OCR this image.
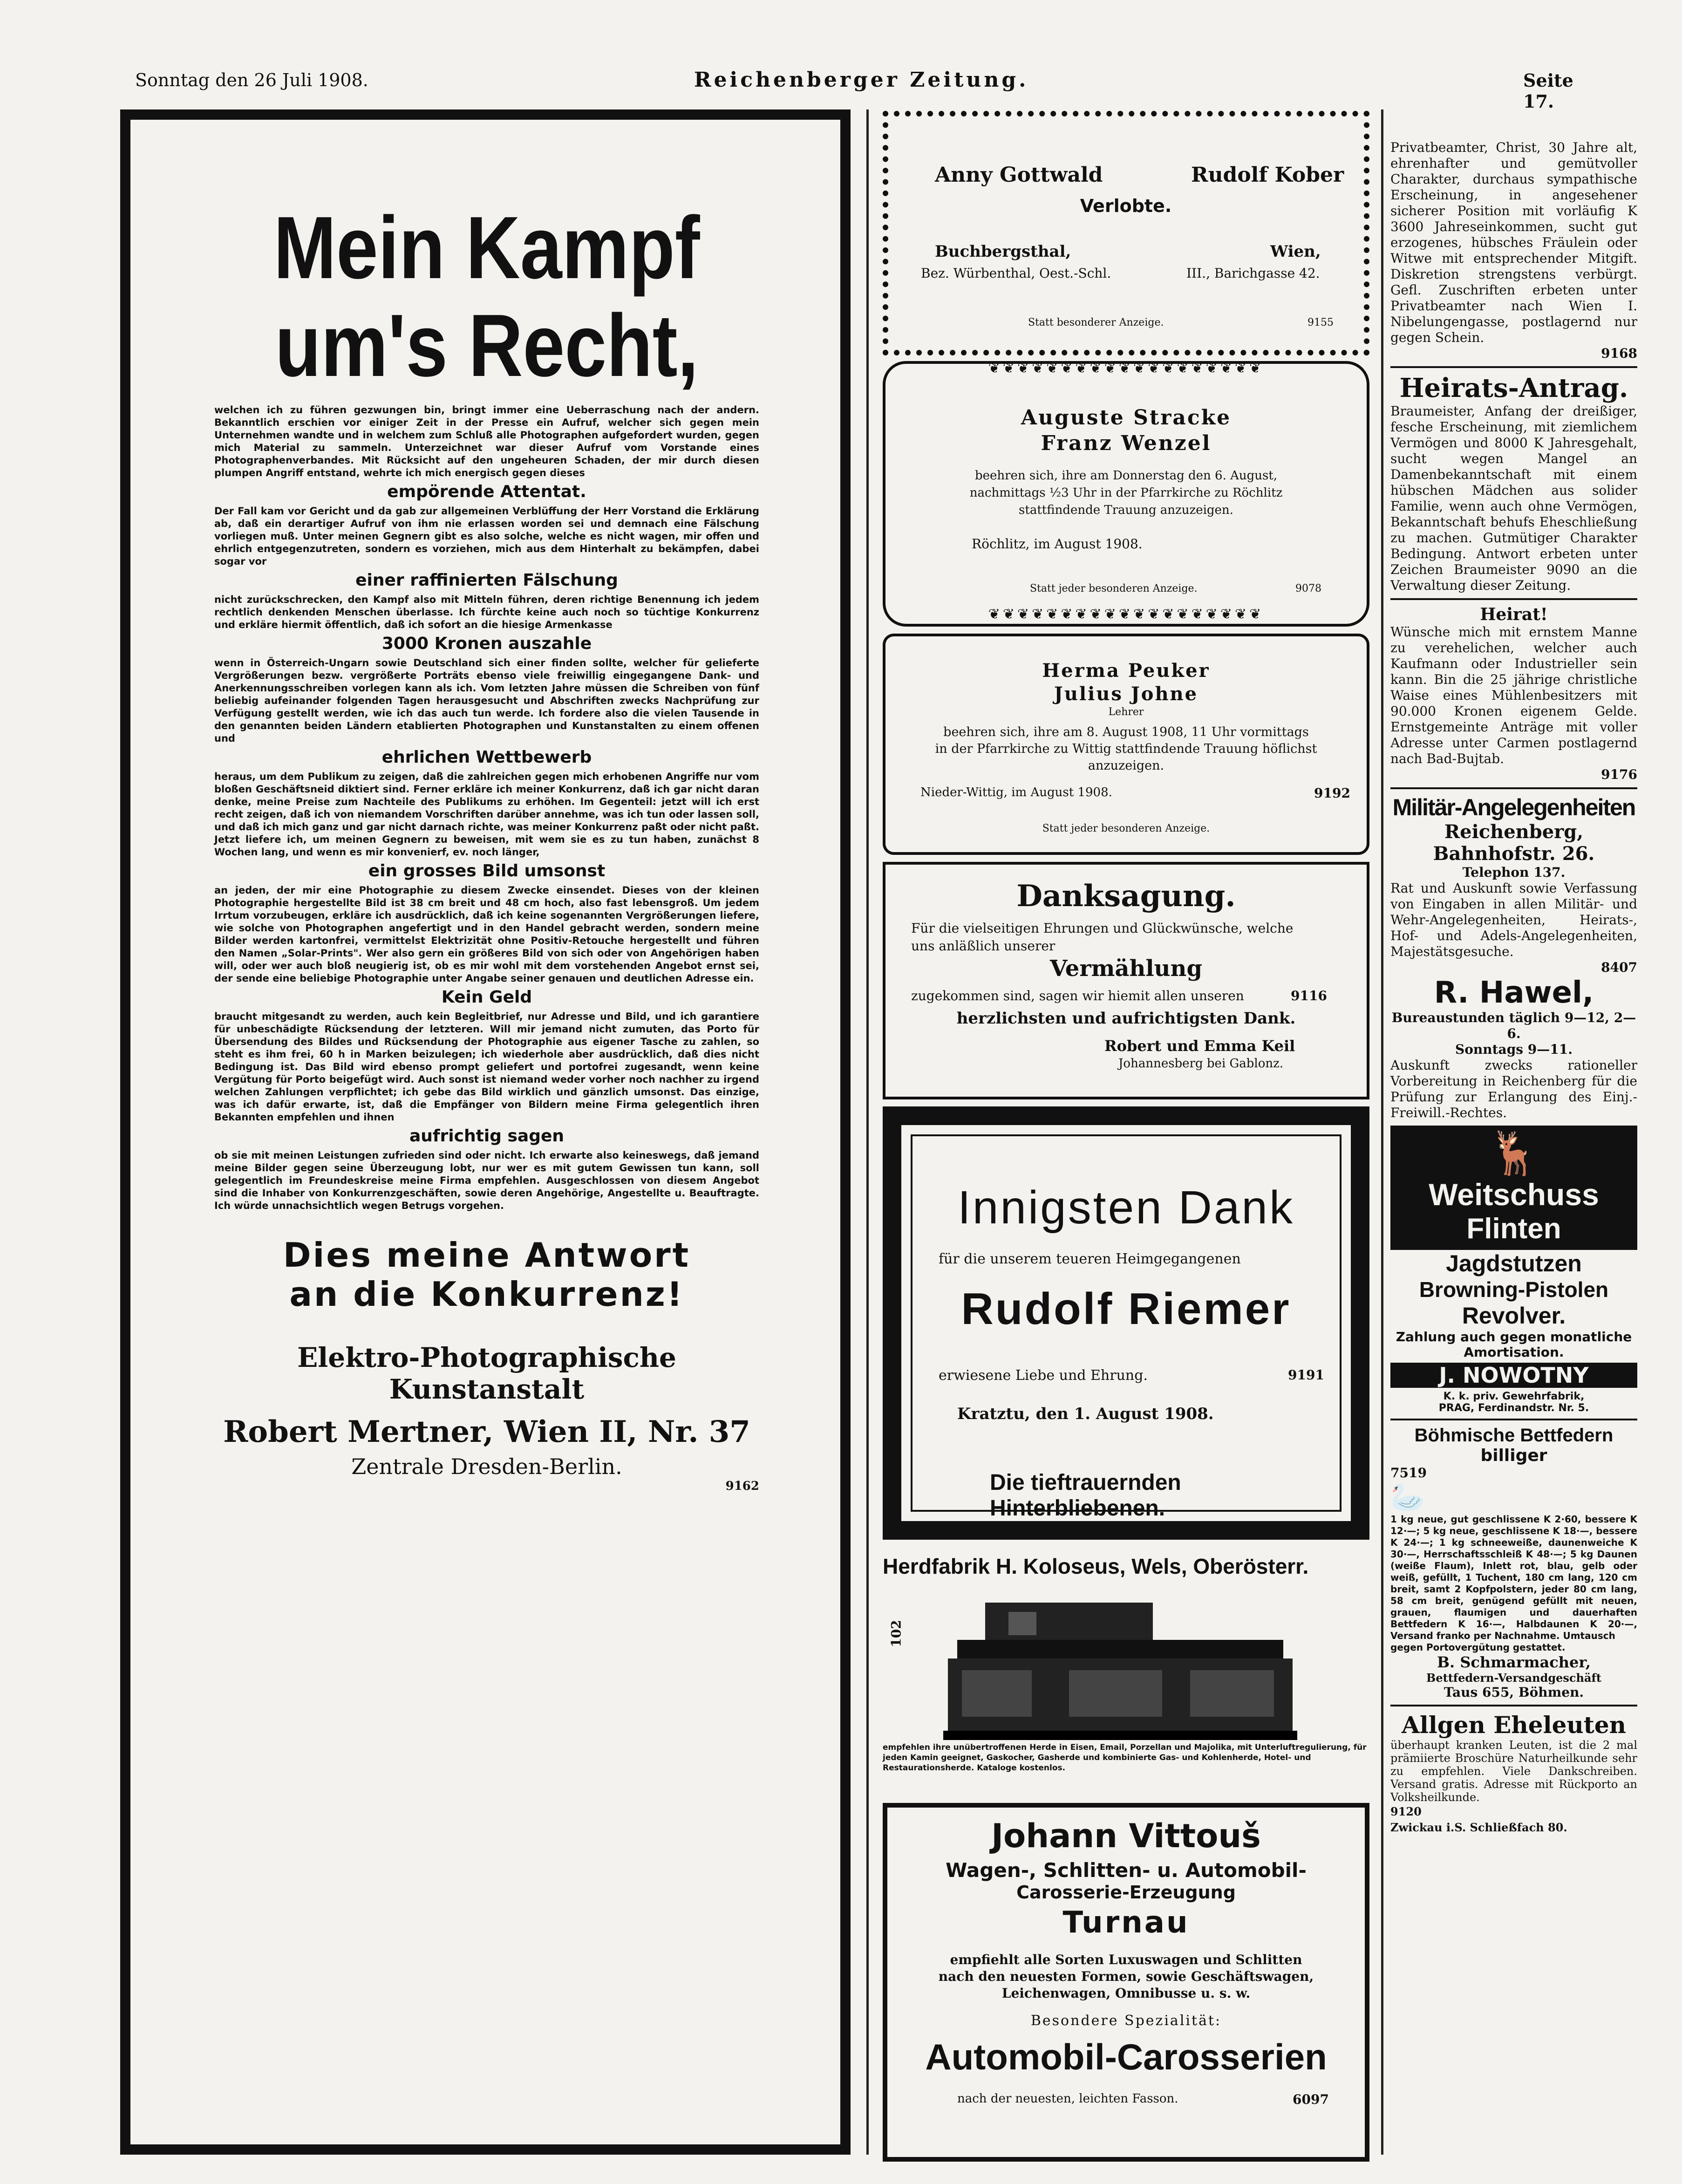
Sonntag den 26 Juli 1908.	Reichenberger Zeitung.	Seite 17.
Mein Kampf
um's Recht,

welchen ich zu führen gezwungen bin, bringt immer eine Ueberraschung nach der andern. Bekanntlich erschien vor einiger Zeit in der Presse ein Aufruf, welcher sich gegen mein Unternehmen wandte und in welchem zum Schluß alle Photographen aufgefordert wurden, gegen mich Material zu sammeln. Unterzeichnet war dieser Aufruf vom Vorstande eines Photographenverbandes. Mit Rücksicht auf den ungeheuren Schaden, der mir durch diesen plumpen Angriff entstand, wehrte ich mich energisch gegen dieses

empörende Attentat.

Der Fall kam vor Gericht und da gab zur allgemeinen Verblüffung der Herr Vorstand die Erklärung ab, daß ein derartiger Aufruf von ihm nie erlassen worden sei und demnach eine Fälschung vorliegen muß. Unter meinen Gegnern gibt es also solche, welche es nicht wagen, mir offen und ehrlich entgegenzutreten, sondern es vorziehen, mich aus dem Hinterhalt zu bekämpfen, dabei sogar vor

einer raffinierten Fälschung

nicht zurückschrecken, den Kampf also mit Mitteln führen, deren richtige Benennung ich jedem rechtlich denkenden Menschen überlasse. Ich fürchte keine auch noch so tüchtige Konkurrenz und erkläre hiermit öffentlich, daß ich sofort an die hiesige Armenkasse

3000 Kronen auszahle

wenn in Österreich-Ungarn sowie Deutschland sich einer finden sollte, welcher für gelieferte Vergrößerungen bezw. vergrößerte Porträts ebenso viele freiwillig eingegangene Dank- und Anerkennungsschreiben vorlegen kann als ich. Vom letzten Jahre müssen die Schreiben von fünf beliebig aufeinander folgenden Tagen herausgesucht und Abschriften zwecks Nachprüfung zur Verfügung gestellt werden, wie ich das auch tun werde. Ich fordere also die vielen Tausende in den genannten beiden Ländern etablierten Photographen und Kunstanstalten zu einem offenen und

ehrlichen Wettbewerb

heraus, um dem Publikum zu zeigen, daß die zahlreichen gegen mich erhobenen Angriffe nur vom bloßen Geschäftsneid diktiert sind. Ferner erkläre ich meiner Konkurrenz, daß ich gar nicht daran denke, meine Preise zum Nachteile des Publikums zu erhöhen. Im Gegenteil: jetzt will ich erst recht zeigen, daß ich von niemandem Vorschriften darüber annehme, was ich tun oder lassen soll, und daß ich mich ganz und gar nicht darnach richte, was meiner Konkurrenz paßt oder nicht paßt. Jetzt liefere ich, um meinen Gegnern zu beweisen, mit wem sie es zu tun haben, zunächst 8 Wochen lang, und wenn es mir konvenierf, ev. noch länger,

ein grosses Bild umsonst

an jeden, der mir eine Photographie zu diesem Zwecke einsendet. Dieses von der kleinen Photographie hergestellte Bild ist 38 cm breit und 48 cm hoch, also fast lebensgroß. Um jedem Irrtum vorzubeugen, erkläre ich ausdrücklich, daß ich keine sogenannten Vergrößerungen liefere, wie solche von Photographen angefertigt und in den Handel gebracht werden, sondern meine Bilder werden kartonfrei, vermittelst Elektrizität ohne Positiv-Retouche hergestellt und führen den Namen „Solar-Prints". Wer also gern ein größeres Bild von sich oder von Angehörigen haben will, oder wer auch bloß neugierig ist, ob es mir wohl mit dem vorstehenden Angebot ernst sei, der sende eine beliebige Photographie unter Angabe seiner genauen und deutlichen Adresse ein.

Kein Geld

braucht mitgesandt zu werden, auch kein Begleitbrief, nur Adresse und Bild, und ich garantiere für unbeschädigte Rücksendung der letzteren. Will mir jemand nicht zumuten, das Porto für Übersendung des Bildes und Rücksendung der Photographie aus eigener Tasche zu zahlen, so steht es ihm frei, 60 h in Marken beizulegen; ich wiederhole aber ausdrücklich, daß dies nicht Bedingung ist. Das Bild wird ebenso prompt geliefert und portofrei zugesandt, wenn keine Vergütung für Porto beigefügt wird. Auch sonst ist niemand weder vorher noch nachher zu irgend welchen Zahlungen verpflichtet; ich gebe das Bild wirklich und gänzlich umsonst. Das einzige, was ich dafür erwarte, ist, daß die Empfänger von Bildern meine Firma gelegentlich ihren Bekannten empfehlen und ihnen

aufrichtig sagen

ob sie mit meinen Leistungen zufrieden sind oder nicht. Ich erwarte also keineswegs, daß jemand meine Bilder gegen seine Überzeugung lobt, nur wer es mit gutem Gewissen tun kann, soll gelegentlich im Freundeskreise meine Firma empfehlen. Ausgeschlossen von diesem Angebot sind die Inhaber von Konkurrenzgeschäften, sowie deren Angehörige, Angestellte u. Beauftragte. Ich würde unnachsichtlich wegen Betrugs vorgehen.

Dies meine Antwort
an die Konkurrenz!
Elektro-Photographische Kunstanstalt
Robert Mertner, Wien II, Nr. 37
Zentrale Dresden-Berlin.
9162
Anny Gottwald	Rudolf Kober
Verlobte.
Buchbergsthal,
Bez. Würbenthal, Oest.-Schl.
Wien,
III., Barichgasse 42.
Statt besonderer Anzeige.	9155
❦❦❦❦❦❦❦❦❦❦❦❦❦❦❦❦❦❦❦
❦❦❦❦❦❦❦❦❦❦❦❦❦❦❦❦❦❦❦
Auguste Stracke
Franz Wenzel
beehren sich, ihre am Donnerstag den 6. August,
nachmittags ½3 Uhr in der Pfarrkirche zu Röchlitz
stattfindende Trauung anzuzeigen.
Röchlitz, im August 1908.
Statt jeder besonderen Anzeige.	9078
Herma Peuker
Julius Johne
Lehrer
beehren sich, ihre am 8. August 1908, 11 Uhr vormittags
in der Pfarrkirche zu Wittig stattfindende Trauung höflichst
anzuzeigen.
Nieder-Wittig, im August 1908.	9192
Statt jeder besonderen Anzeige.
Danksagung.
Für die vielseitigen Ehrungen und Glückwünsche, welche
uns anläßlich unserer
Vermählung
zugekommen sind, sagen wir hiemit allen unseren	9116
herzlichsten und aufrichtigsten Dank.
Robert und Emma Keil
Johannesberg bei Gablonz.
Innigsten Dank
für die unserem teueren Heimgegangenen
Rudolf Riemer
erwiesene Liebe und Ehrung.	9191
Kratztu, den 1. August 1908.
Die tieftrauernden Hinterbliebenen.
Herdfabrik H. Koloseus, Wels, Oberösterr.
102
empfehlen ihre unübertroffenen Herde in Eisen, Email, Porzellan und Majolika, mit Unterluftregulierung, für jeden Kamin geeignet, Gaskocher, Gasherde und kombinierte Gas- und Kohlenherde, Hotel- und Restaurationsherde. Kataloge kostenlos.
Johann Vittouš
Wagen-, Schlitten- u. Automobil-
Carosserie-Erzeugung
Turnau
empfiehlt alle Sorten Luxuswagen und Schlitten
nach den neuesten Formen, sowie Geschäftswagen,
Leichenwagen, Omnibusse u. s. w.
Besondere Spezialität:
Automobil-Carosserien
nach der neuesten, leichten Fasson.	6097

Privatbeamter, Christ, 30 Jahre alt, ehrenhafter und gemütvoller Charakter, durchaus sympathische Erscheinung, in angesehener sicherer Position mit vorläufig K 3600 Jahreseinkommen, sucht gut erzogenes, hübsches Fräulein oder Witwe mit entsprechender Mitgift. Diskretion strengstens verbürgt. Gefl. Zuschriften erbeten unter Privatbeamter nach Wien I. Nibelungengasse, postlagernd nur gegen Schein.

9168
Heirats-Antrag.

Braumeister, Anfang der dreißiger, fesche Erscheinung, mit ziemlichem Vermögen und 8000 K Jahresgehalt, sucht wegen Mangel an Damenbekanntschaft mit einem hübschen Mädchen aus solider Familie, wenn auch ohne Vermögen, Bekanntschaft behufs Eheschließung zu machen. Gutmütiger Charakter Bedingung. Antwort erbeten unter Zeichen Braumeister 9090 an die Verwaltung dieser Zeitung.

Heirat!

Wünsche mich mit ernstem Manne zu verehelichen, welcher auch Kaufmann oder Industrieller sein kann. Bin die 25 jährige christliche Waise eines Mühlenbesitzers mit 90.000 Kronen eigenem Gelde. Ernstgemeinte Anträge mit voller Adresse unter Carmen postlagernd nach Bad-Bujtab.

9176
Militär-Angelegenheiten
Reichenberg, Bahnhofstr. 26.
Telephon 137.

Rat und Auskunft sowie Verfassung von Eingaben in allen Militär- und Wehr-Angelegenheiten, Heirats-, Hof- und Adels-Angelegenheiten, Majestätsgesuche.

8407
R. Hawel,
Bureaustunden täglich 9—12, 2—6.
Sonntags 9—11.

Auskunft zwecks rationeller Vorbereitung in Reichenberg für die Prüfung zur Erlangung des Einj.-Freiwill.-Rechtes.

🦌
Weitschuss
Flinten
Jagdstutzen
Browning-Pistolen
Revolver.
Zahlung auch gegen monatliche Amortisation.
J. NOWOTNY
K. k. priv. Gewehrfabrik,
PRAG, Ferdinandstr. Nr. 5.
Böhmische Bettfedern
billiger
7519
🦢

1 kg neue, gut geschlissene K 2·60, bessere K 12·—; 5 kg neue, geschlissene K 18·—, bessere K 24·—; 1 kg schneeweiße, daunenweiche K 30·—, Herrschaftsschleiß K 48·—; 5 kg Daunen (weiße Flaum), Inlett rot, blau, gelb oder weiß, gefüllt, 1 Tuchent, 180 cm lang, 120 cm breit, samt 2 Kopfpolstern, jeder 80 cm lang, 58 cm breit, genügend gefüllt mit neuen, grauen, flaumigen und dauerhaften Bettfedern K 16·—, Halbdaunen K 20·—,

Versand franko per Nachnahme. Umtausch gegen Portovergütung gestattet.

B. Schmarmacher,
Bettfedern-Versandgeschäft
Taus 655, Böhmen.
Allgen Eheleuten

überhaupt kranken Leuten, ist die 2 mal prämiierte Broschüre Naturheilkunde sehr zu empfehlen. Viele Dankschreiben. Versand gratis. Adresse mit Rückporto an Volksheilkunde.

9120
Zwickau i.S. Schließfach 80.
